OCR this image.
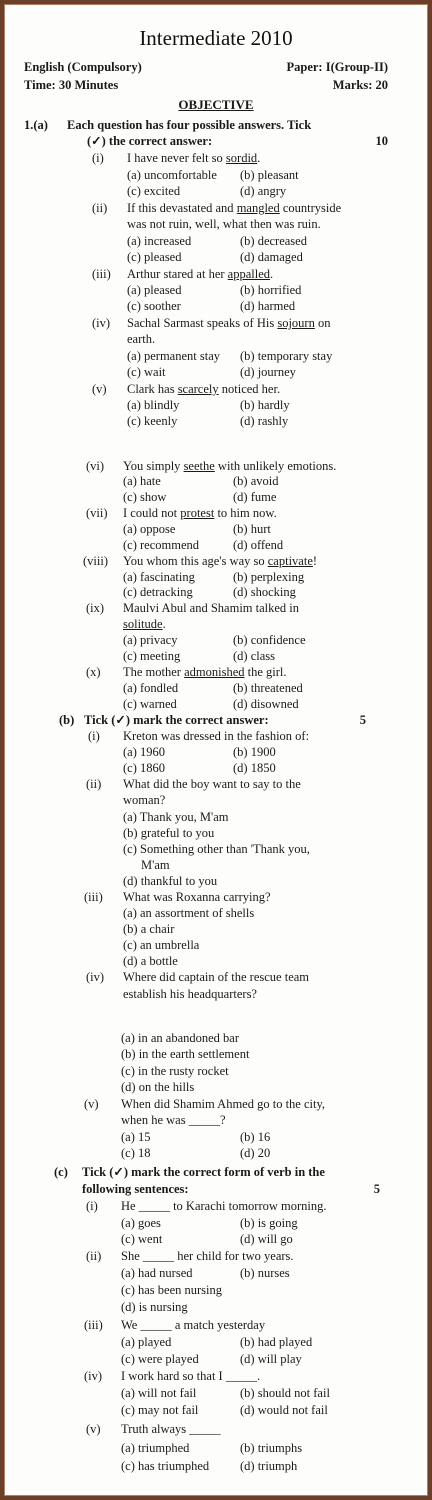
Intermediate 2010
English (Compulsory)	Paper: I(Group-II)
Time: 30 Minutes	Marks: 20
OBJECTIVE
1.(a) Each question has four possible answers. Tick
(✓) the correct answer:	10
(i) I have never felt so sordid.
(a) uncomfortable (b) pleasant
(c) excited	(d) angry
(ii) If this devastated and mangled countryside
was not ruin, well, what then was ruin.
(a) increased	(b) decreased
(c) pleased	(d) damaged
(iii) Arthur stared at her appalled.
(a) pleased	(b) horrified
(c) soother	(d) harmed
(iv) Sachal Sarmast speaks of His sojourn on
earth.
(a) permanent stay (b) temporary stay
(c) wait	(d) journey
(v) Clark has scarcely noticed her.
(a) blindly	(b) hardly
(c) keenly	(d) rashly
(vi) You simply seethe with unlikely emotions.
(a) hate	(b) avoid
(c) show	(d) fume
(vii) I could not protest to him now.
(a) oppose	(b) hurt
(c) recommend	(d) offend
(viii) You whom this age's way so captivate!
(a) fascinating	(b) perplexing
(c) detracking	(d) shocking
(ix) Maulvi Abul and Shamim talked in
solitude.
(a) privacy	(b) confidence
(c) meeting	(d) class
(x) The mother admonished the girl.
(a) fondled	(b) threatened
(c) warned	(d) disowned
(b) Tick (✓) mark the correct answer:	5
(i) Kreton was dressed in the fashion of:
(a) 1960	(b) 1900
(c) 1860	(d) 1850
(ii) What did the boy want to say to the
woman?
(a) Thank you, M'am
(b) grateful to you
(c) Something other than 'Thank you,
M'am
(d) thankful to you
(iii) What was Roxanna carrying?
(a) an assortment of shells
(b) a chair
(c) an umbrella
(d) a bottle
(iv) Where did captain of the rescue team
establish his headquarters?
(a) in an abandoned bar
(b) in the earth settlement
(c) in the rusty rocket
(d) on the hills
(v) When did Shamim Ahmed go to the city,
when he was _____?
(a) 15	(b) 16
(c) 18	(d) 20
(c) Tick (✓) mark the correct form of verb in the
following sentences:	5
(i) He _____ to Karachi tomorrow morning.
(a) goes	(b) is going
(c) went	(d) will go
(ii) She _____ her child for two years.
(a) had nursed	(b) nurses
(c) has been nursing
(d) is nursing
(iii) We _____ a match yesterday
(a) played	(b) had played
(c) were played	(d) will play
(iv) I work hard so that I _____.
(a) will not fail	(b) should not fail
(c) may not fail	(d) would not fail
(v) Truth always _____
(a) triumphed	(b) triumphs
(c) has triumphed (d) triumph
